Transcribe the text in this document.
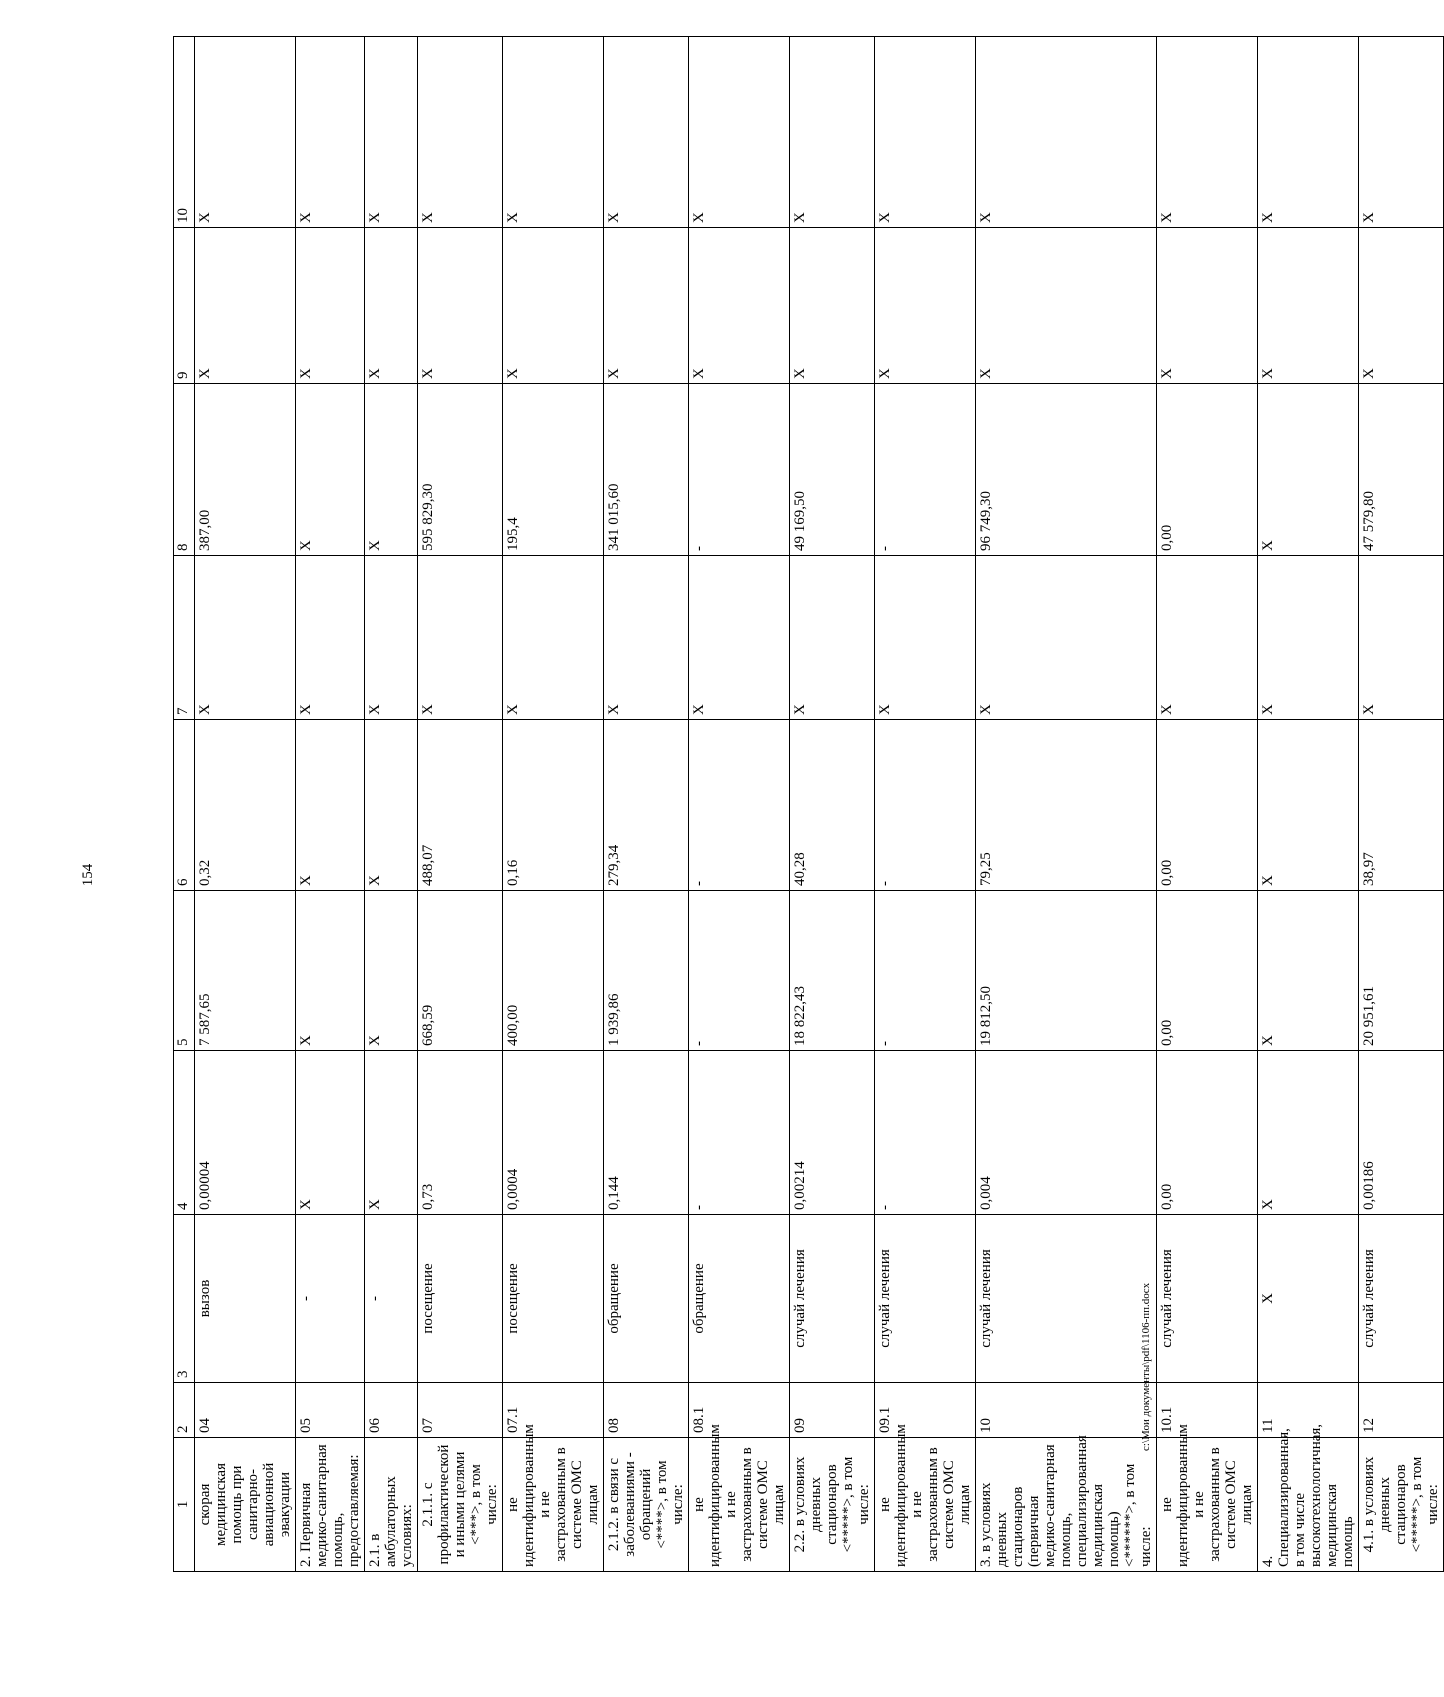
154
1	2	3	4	5	6	7	8	9	10
скорая медицинская помощь при санитарно-авиационной эвакуации	04	вызов	0,00004	7 587,65	0,32	X	387,00	X	X
2. Первичная медико-санитарная помощь, предоставляемая:	05	-	X	X	X	X	X	X	X
2.1. в амбулаторных условиях:	06	-	X	X	X	X	X	X	X
2.1.1. с профилактической и иными целями <***>, в том числе:	07	посещение	0,73	668,59	488,07	X	595 829,30	X	X
не идентифицированным и не застрахованным в системе ОМС лицам	07.1	посещение	0,0004	400,00	0,16	X	195,4	X	X
2.1.2. в связи с заболеваниями - обращений <****>, в том числе:	08	обращение	0,144	1 939,86	279,34	X	341 015,60	X	X
не идентифицированным и не застрахованным в системе ОМС лицам	08.1	обращение	-	-	-	X	-	X	X
2.2. в условиях дневных стационаров <*****>, в том числе:	09	случай лечения	0,00214	18 822,43	40,28	X	49 169,50	X	X
не идентифицированным и не застрахованным в системе ОМС лицам	09.1	случай лечения	-	-	-	X	-	X	X
3. в условиях дневных стационаров (первичная медико-санитарная помощь, специализированная медицинская помощь) <******>, в том числе:	10	случай лечения	0,004	19 812,50	79,25	X	96 749,30	X	X
не идентифицированным и не застрахованным в системе ОМС лицам	10.1	случай лечения	0,00	0,00	0,00	X	0,00	X	X
4. Специализированная, в том числе высокотехнологичная, медицинская помощь	11	X	X	X	X	X	X	X	X
4.1. в условиях дневных стационаров <*****>, в том числе:	12	случай лечения	0,00186	20 951,61	38,97	X	47 579,80	X	X
c:\Мои документы\pdf\1106-пп.docx
